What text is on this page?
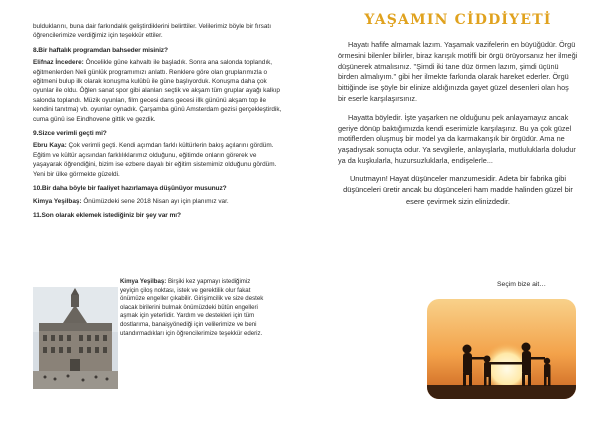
bulduklarını, buna dair farkındalık geliştirdiklerini belirttiler. Velilerimiz böyle bir fırsatı öğrencilerimize verdiğimiz için teşekkür ettiler.

8.Bir haftalık programdan bahseder misiniz?

Elifnaz İncedere: Öncelikle güne kahvaltı ile başladık. Sonra ana salonda toplandık, eğitmenlerden Neli günlük programımızı anlattı. Renklere göre olan gruplarımızla o eğitmeni bulup ilk olarak konuşma kulübü ile güne başlıyorduk. Konuşma daha çok oyunlar ile oldu. Öğlen sanat spor gibi alanları seçtik ve akşam tüm gruplar ayağı kalkıp salonda toplandı. Müzik oyunları, film gecesi dans gecesi illk gününü akşam top ile kendini tanıtma) vb. oyunlar oynadık. Çarşamba günü Amsterdam gezisi gerçekleştirdik, cuma günü ise Eindhovene gittik ve gezdik.

9.Sizce verimli geçti mi?

Ebru Kaya: Çok verimli geçti. Kendi açımdan farklı kültürlerin bakış açılarını gördüm. Eğitim ve kültür açısından farklılıklarımız olduğunu, eğitimde onların görerek ve yaşayarak öğrendiğini, bizim ise ezbere dayalı bir eğitim sistemimiz olduğunu gördüm. Yeni bir ülke görmekte güzeldi.

10.Bir daha böyle bir faaliyet hazırlamaya düşünüyor musunuz?

Kimya Yeşilbaş: Önümüzdeki sene 2018 Nisan ayı için planımız var.

11.Son olarak eklemek istediğiniz bir şey var mı?

Kimya Yeşilbaş: Birşiki kez yapmayı istediğimiz yeyiçin çiloş noktası, istek ve gerektilik olur fakat önümüze engeller çıkabilir. Girişimcilik ve size destek olacak birilerini bulmak önümüzdeki bütün engelleri aşmak için yeterlidir. Yardım ve destekleri için tüm dostlarıma, banaişyönediği için velilerimize ve beni utandırmadıkları için öğrencilerimize teşekkür ederiz.

YAŞAMIN CİDDİYETİ

Hayatı hafife almamak lazım. Yaşamak vazifelerin en büyüğüdür. Örgü örmesini bilenler bilirler, biraz karışık motifli bir örgü örüyorsanız her ilmeği düşünerek atmalısınız. ''Şimdi iki tane düz örmen lazım, şimdi üçünü birden almalıyım.'' gibi her ilmekte farkında olarak hareket ederler. Örgü bittiğinde ise şöyle bir elinize aldığınızda gayet güzel desenleri olan hoş bir eserle karşılaşırsınız.

Hayatta böyledir. İşte yaşarken ne olduğunu pek anlayamayız ancak geriye dönüp baktığımızda kendi eserimizle karşılaşırız. Bu ya çok güzel motiflerden oluşmuş bir model ya da karmakarışık bir örgüdür. Ama ne yaşadıysak sonuçta odur. Ya sevgilerle, anlayışlarla, mutluluklarla doludur ya da kuşkularla, huzursuzluklarla, endişelerle...

Unutmayın! Hayat düşünceler manzumesidir. Adeta bir fabrika gibi düşünceleri üretir ancak bu düşünceleri ham madde halinden güzel bir esere çevirmek sizin elinizdedir.

Seçim bize ait…
